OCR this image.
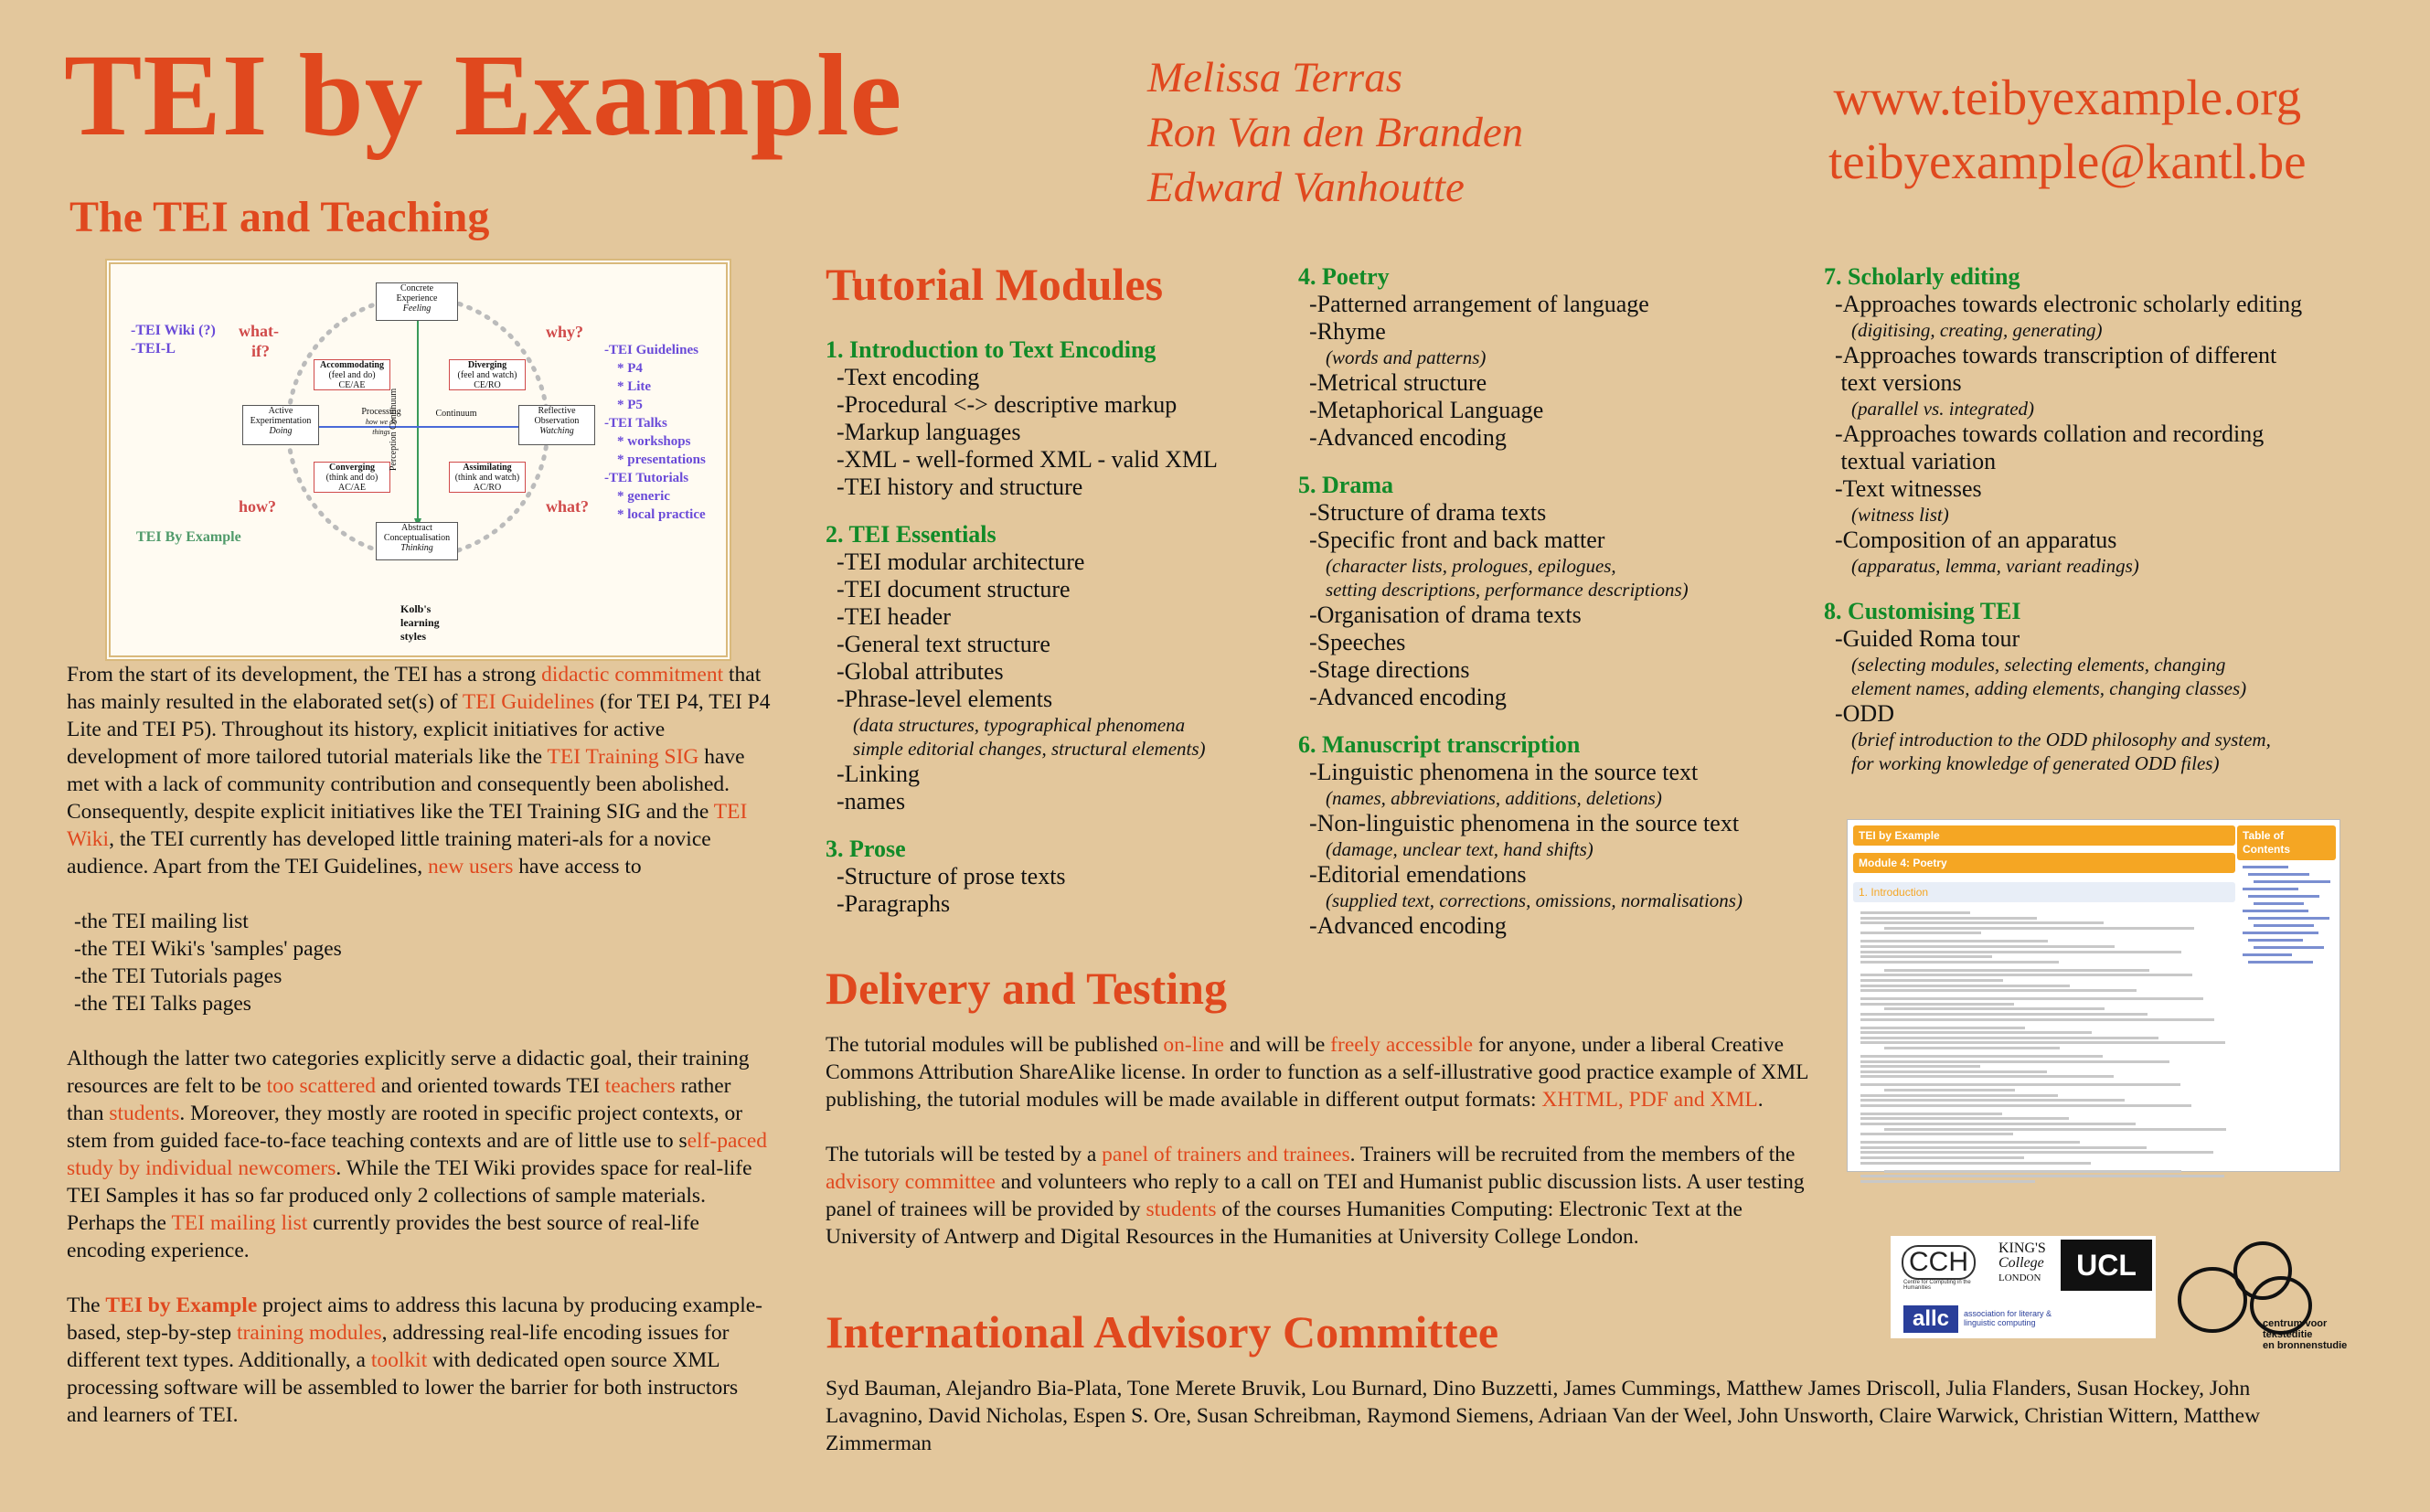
TEI by Example
The TEI and Teaching
Melissa Terras
Ron Van den Branden
Edward Vanhoutte
www.teibyexample.org
teibyexample@kantl.be
Concrete
Experience
Feeling
Active
Experimentation
Doing
Reflective
Observation
Watching
Abstract
Conceptualisation
Thinking
Accommodating
(feel and do)
CE/AE
Diverging
(feel and watch)
CE/RO
Converging
(think and do)
AC/AE
Assimilating
(think and watch)
AC/RO
Processing
how we do things
Continuum
Perception Continuum
-TEI Wiki (?)
-TEI-L
what-
if?
why?
how?	what?
-TEI Guidelines
* P4
* Lite
* P5
-TEI Talks
* workshops
* presentations
-TEI Tutorials
* generic
* local practice
TEI By Example
Kolb's
learning
styles
From the start of its development, the TEI has a strong didactic commitment that has mainly resulted in the elaborated set(s) of TEI Guidelines (for TEI P4, TEI P4 Lite and TEI P5). Throughout its history, explicit initiatives for active development of more tailored tutorial materials like the TEI Training SIG have met with a lack of community contribution and consequently been abolished. Consequently, despite explicit initiatives like the TEI Training SIG and the TEI Wiki, the TEI currently has developed little training materi-als for a novice audience. Apart from the TEI Guidelines, new users have access to
-the TEI mailing list
-the TEI Wiki's 'samples' pages
-the TEI Tutorials pages
-the TEI Talks pages
Although the latter two categories explicitly serve a didactic goal, their training resources are felt to be too scattered and oriented towards TEI teachers rather than students. Moreover, they mostly are rooted in specific project contexts, or stem from guided face-to-face teaching contexts and are of little use to self-paced study by individual newcomers. While the TEI Wiki provides space for real-life TEI Samples it has so far produced only 2 collections of sample materials. Perhaps the TEI mailing list currently provides the best source of real-life encoding experience.
The TEI by Example project aims to address this lacuna by producing example-based, step-by-step training modules, addressing real-life encoding issues for different text types. Additionally, a toolkit with dedicated open source XML processing software will be assembled to lower the barrier for both instructors and learners of TEI.
Tutorial Modules
1. Introduction to Text Encoding
-Text encoding
-Procedural <-> descriptive markup
-Markup languages
-XML - well-formed XML - valid XML
-TEI history and structure
2. TEI Essentials
-TEI modular architecture
-TEI document structure
-TEI header
-General text structure
-Global attributes
-Phrase-level elements
(data structures, typographical phenomena
simple editorial changes, structural elements)
-Linking
-names
3. Prose
-Structure of prose texts
-Paragraphs
4. Poetry
-Patterned arrangement of language
-Rhyme
(words and patterns)
-Metrical structure
-Metaphorical Language
-Advanced encoding
5. Drama
-Structure of drama texts
-Specific front and back matter
(character lists, prologues, epilogues,
setting descriptions, performance descriptions)
-Organisation of drama texts
-Speeches
-Stage directions
-Advanced encoding
6. Manuscript transcription
-Linguistic phenomena in the source text
(names, abbreviations, additions, deletions)
-Non-linguistic phenomena in the source text
(damage, unclear text, hand shifts)
-Editorial emendations
(supplied text, corrections, omissions, normalisations)
-Advanced encoding
7. Scholarly editing
-Approaches towards electronic scholarly editing
(digitising, creating, generating)
-Approaches towards transcription of different
text versions
(parallel vs. integrated)
-Approaches towards collation and recording
textual variation
-Text witnesses
(witness list)
-Composition of an apparatus
(apparatus, lemma, variant readings)
8. Customising TEI
-Guided Roma tour
(selecting modules, selecting elements, changing
element names, adding elements, changing classes)
-ODD
(brief introduction to the ODD philosophy and system,
for working knowledge of generated ODD files)
Delivery and Testing
The tutorial modules will be published on-line and will be freely accessible for anyone, under a liberal Creative Commons Attribution ShareAlike license. In order to function as a self-illustrative good practice example of XML publishing, the tutorial modules will be made available in different output formats: XHTML, PDF and XML.
The tutorials will be tested by a panel of trainers and trainees. Trainers will be recruited from the members of the advisory committee and volunteers who reply to a call on TEI and Humanist public discussion lists. A user testing panel of trainees will be provided by students of the courses Humanities Computing: Electronic Text at the University of Antwerp and Digital Resources in the Humanities at University College London.
International Advisory Committee
Syd Bauman, Alejandro Bia-Plata, Tone Merete Bruvik, Lou Burnard, Dino Buzzetti, James Cummings, Matthew James Driscoll, Julia Flanders, Susan Hockey, John Lavagnino, David Nicholas, Espen S. Ore, Susan Schreibman, Raymond Siemens, Adriaan Van der Weel, John Unsworth, Claire Warwick, Christian Wittern, Matthew Zimmerman
TEI by Example
Module 4: Poetry
Table of
Contents
1. Introduction
CCH
Centre for Computing in the Humanities
KING'S
College
LONDON	UCL
allc	association for literary & linguistic computing	centrum voor
teksteditie
en bronnenstudie
